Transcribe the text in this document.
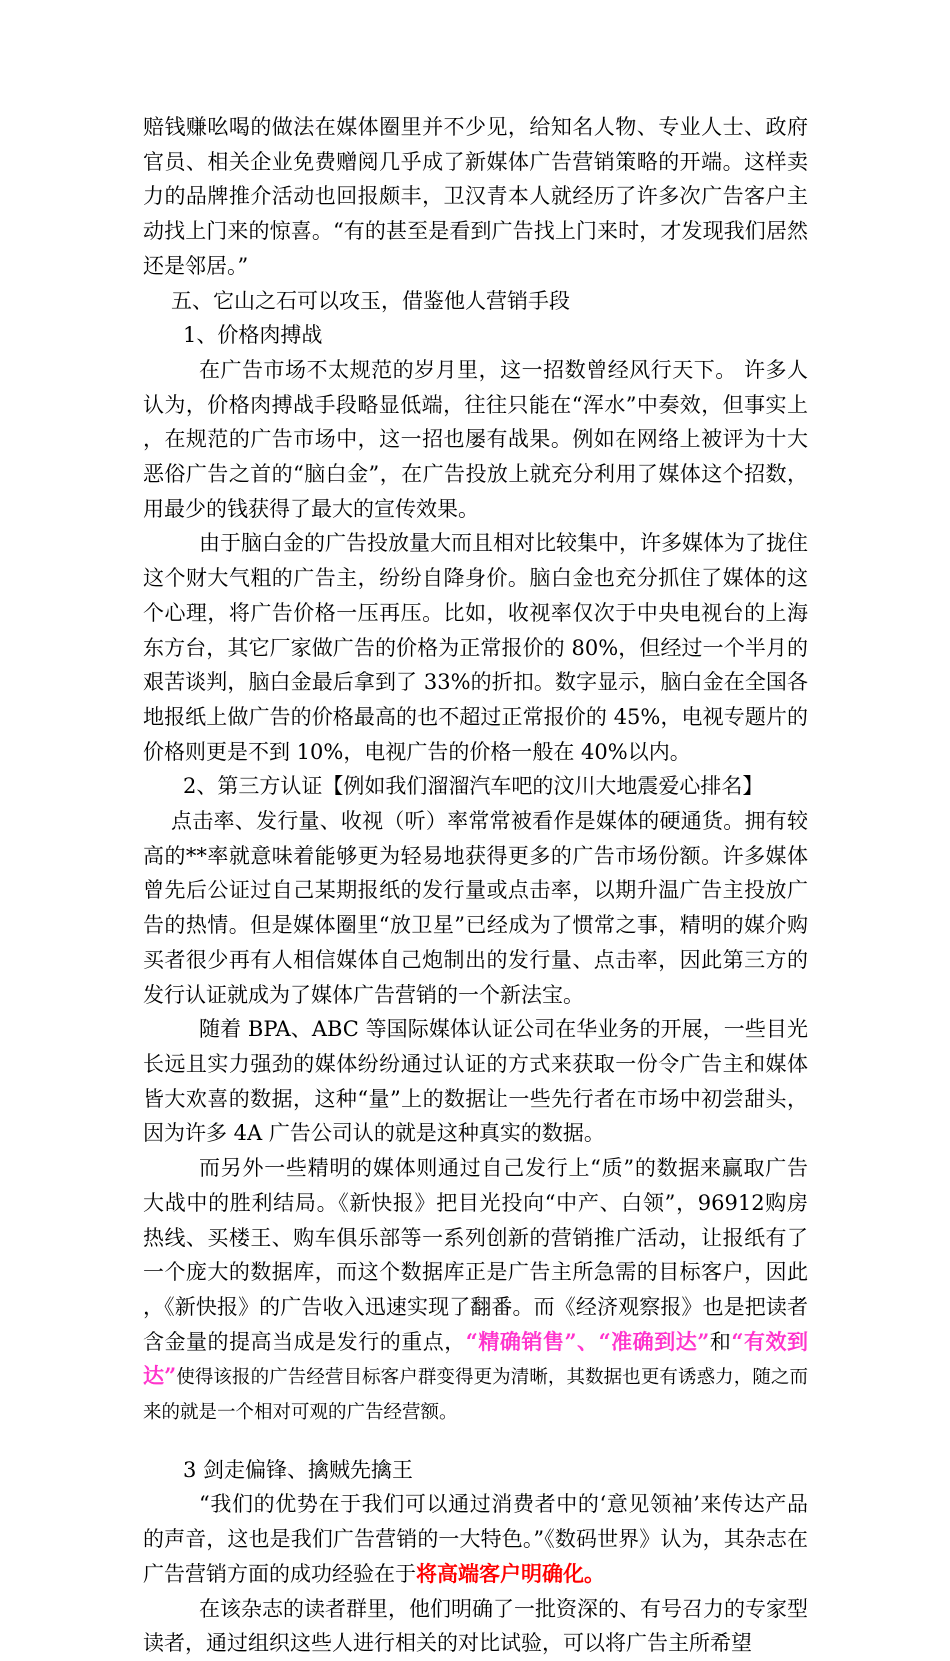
赔钱赚吆喝的做法在媒体圈里并不少见，给知名人物、专业人士、政府官员、相关企业免费赠阅几乎成了新媒体广告营销策略的开端。这样卖力的品牌推介活动也回报颇丰，卫汉青本人就经历了许多次广告客户主动找上门来的惊喜。“有的甚至是看到广告找上门来时，才发现我们居然还是邻居。”

五、它山之石可以攻玉，借鉴他人营销手段

1、价格肉搏战

在广告市场不太规范的岁月里，这一招数曾经风行天下。 许多人认为，价格肉搏战手段略显低端，往往只能在“浑水”中奏效，但事实上，在规范的广告市场中，这一招也屡有战果。例如在网络上被评为十大恶俗广告之首的“脑白金”，在广告投放上就充分利用了媒体这个招数，用最少的钱获得了最大的宣传效果。

由于脑白金的广告投放量大而且相对比较集中，许多媒体为了拢住这个财大气粗的广告主，纷纷自降身价。脑白金也充分抓住了媒体的这个心理，将广告价格一压再压。比如，收视率仅次于中央电视台的上海东方台，其它厂家做广告的价格为正常报价的 80%，但经过一个半月的艰苦谈判，脑白金最后拿到了 33%的折扣。数字显示，脑白金在全国各地报纸上做广告的价格最高的也不超过正常报价的 45%，电视专题片的价格则更是不到 10%，电视广告的价格一般在 40%以内。

2、第三方认证【例如我们溜溜汽车吧的汶川大地震爱心排名】

点击率、发行量、收视（听）率常常被看作是媒体的硬通货。拥有较高的**率就意味着能够更为轻易地获得更多的广告市场份额。许多媒体曾先后公证过自己某期报纸的发行量或点击率，以期升温广告主投放广告的热情。但是媒体圈里“放卫星”已经成为了惯常之事，精明的媒介购买者很少再有人相信媒体自己炮制出的发行量、点击率，因此第三方的发行认证就成为了媒体广告营销的一个新法宝。

随着 BPA、ABC 等国际媒体认证公司在华业务的开展，一些目光长远且实力强劲的媒体纷纷通过认证的方式来获取一份令广告主和媒体皆大欢喜的数据，这种“量”上的数据让一些先行者在市场中初尝甜头，因为许多 4A 广告公司认的就是这种真实的数据。

而另外一些精明的媒体则通过自己发行上“质”的数据来赢取广告大战中的胜利结局。《新快报》把目光投向“中产、白领”，96912购房热线、买楼王、购车俱乐部等一系列创新的营销推广活动，让报纸有了一个庞大的数据库，而这个数据库正是广告主所急需的目标客户，因此，《新快报》的广告收入迅速实现了翻番。而《经济观察报》也是把读者含金量的提高当成是发行的重点，“精确销售”、“准确到达”和“有效到达”使得该报的广告经营目标客户群变得更为清晰，其数据也更有诱惑力，随之而来的就是一个相对可观的广告经营额。

3 剑走偏锋、擒贼先擒王

“我们的优势在于我们可以通过消费者中的‘意见领袖’来传达产品的声音，这也是我们广告营销的一大特色。”《数码世界》认为，其杂志在广告营销方面的成功经验在于将高端客户明确化。

在该杂志的读者群里，他们明确了一批资深的、有号召力的专家型读者，通过组织这些人进行相关的对比试验，可以将广告主所希望
